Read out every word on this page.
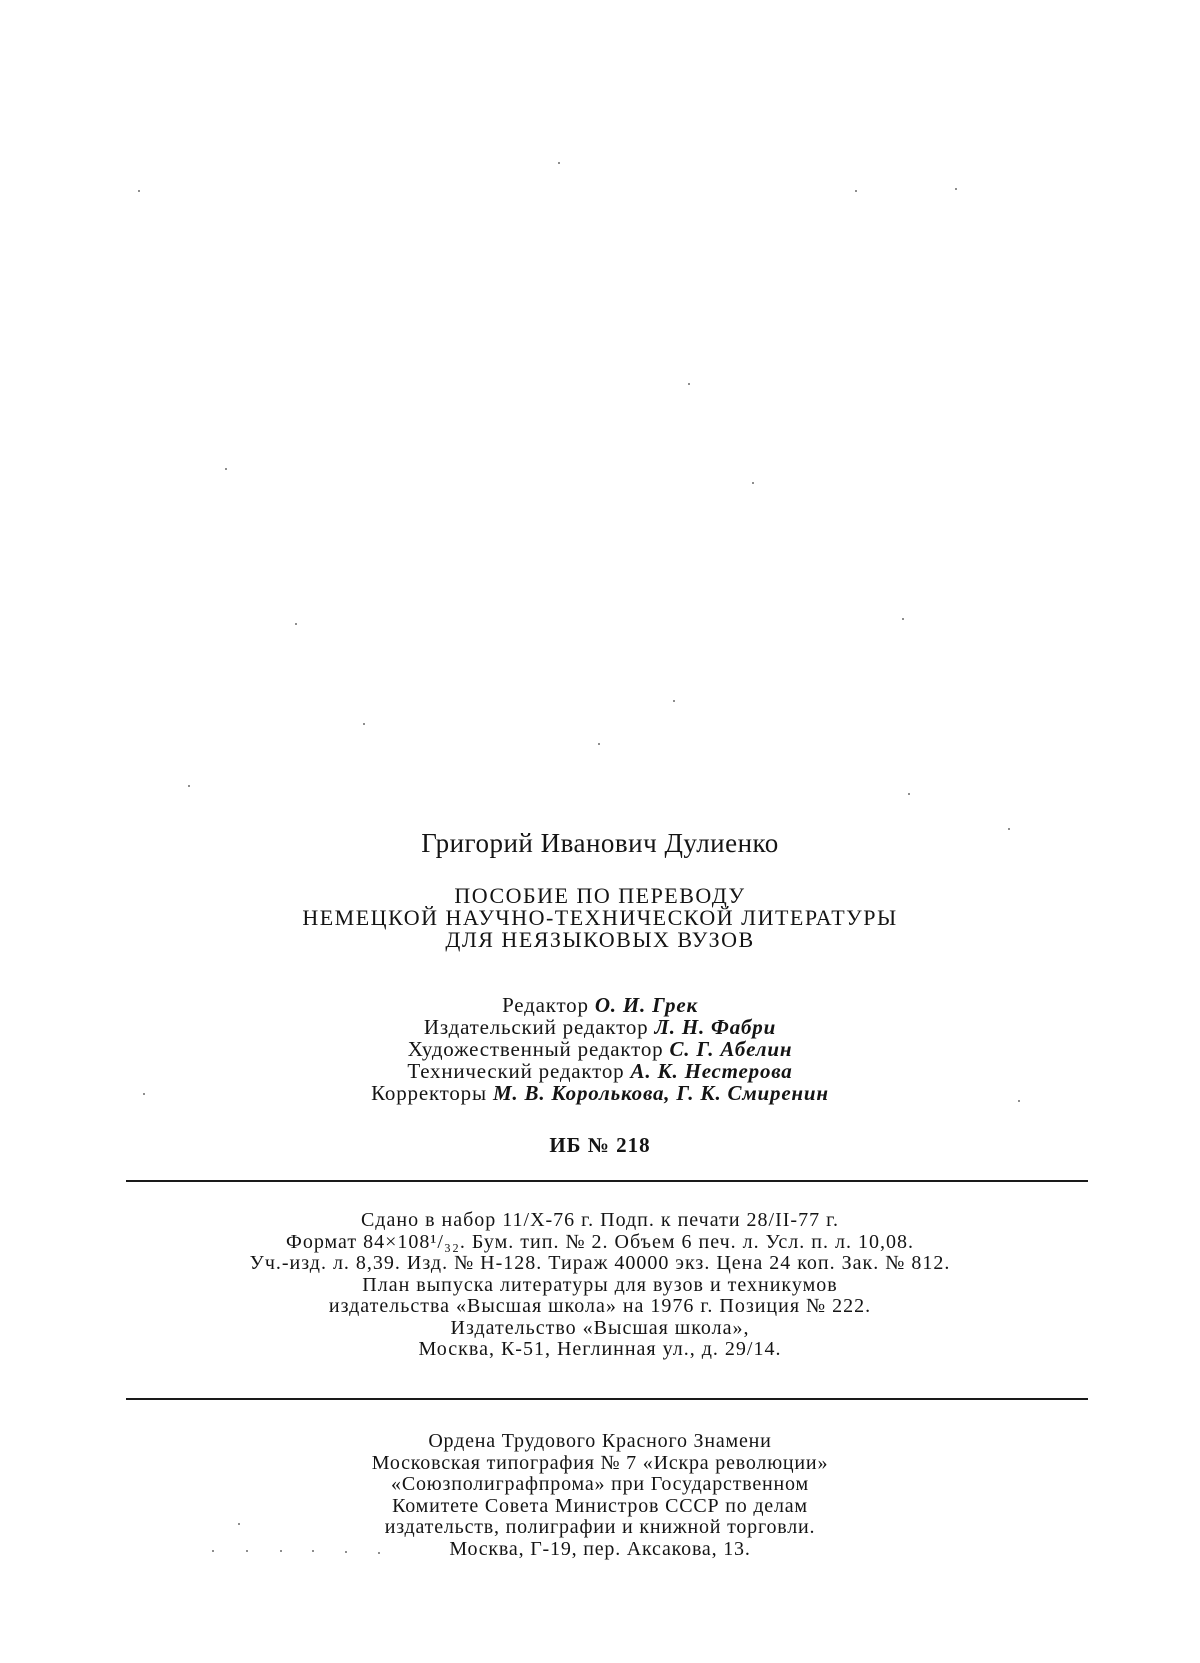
Григорий Иванович Дулиенко
ПОСОБИЕ ПО ПЕРЕВОДУ
НЕМЕЦКОЙ НАУЧНО-ТЕХНИЧЕСКОЙ ЛИТЕРАТУРЫ
ДЛЯ НЕЯЗЫКОВЫХ ВУЗОВ
Редактор О. И. Грек
Издательский редактор Л. Н. Фабри
Художественный редактор С. Г. Абелин
Технический редактор А. К. Нестерова
Корректоры М. В. Королькова, Г. К. Смиренин
ИБ № 218
Сдано в набор 11/X-76 г. Подп. к печати 28/II-77 г.
Формат 84×108¹/₃₂. Бум. тип. № 2. Объем 6 печ. л. Усл. п. л. 10,08.
Уч.-изд. л. 8,39. Изд. № Н-128. Тираж 40000 экз. Цена 24 коп. Зак. № 812.
План выпуска литературы для вузов и техникумов
издательства «Высшая школа» на 1976 г. Позиция № 222.
Издательство «Высшая школа»,
Москва, К-51, Неглинная ул., д. 29/14.
Ордена Трудового Красного Знамени
Московская типография № 7 «Искра революции»
«Союзполиграфпрома» при Государственном
Комитете Совета Министров СССР по делам
издательств, полиграфии и книжной торговли.
Москва, Г-19, пер. Аксакова, 13.
